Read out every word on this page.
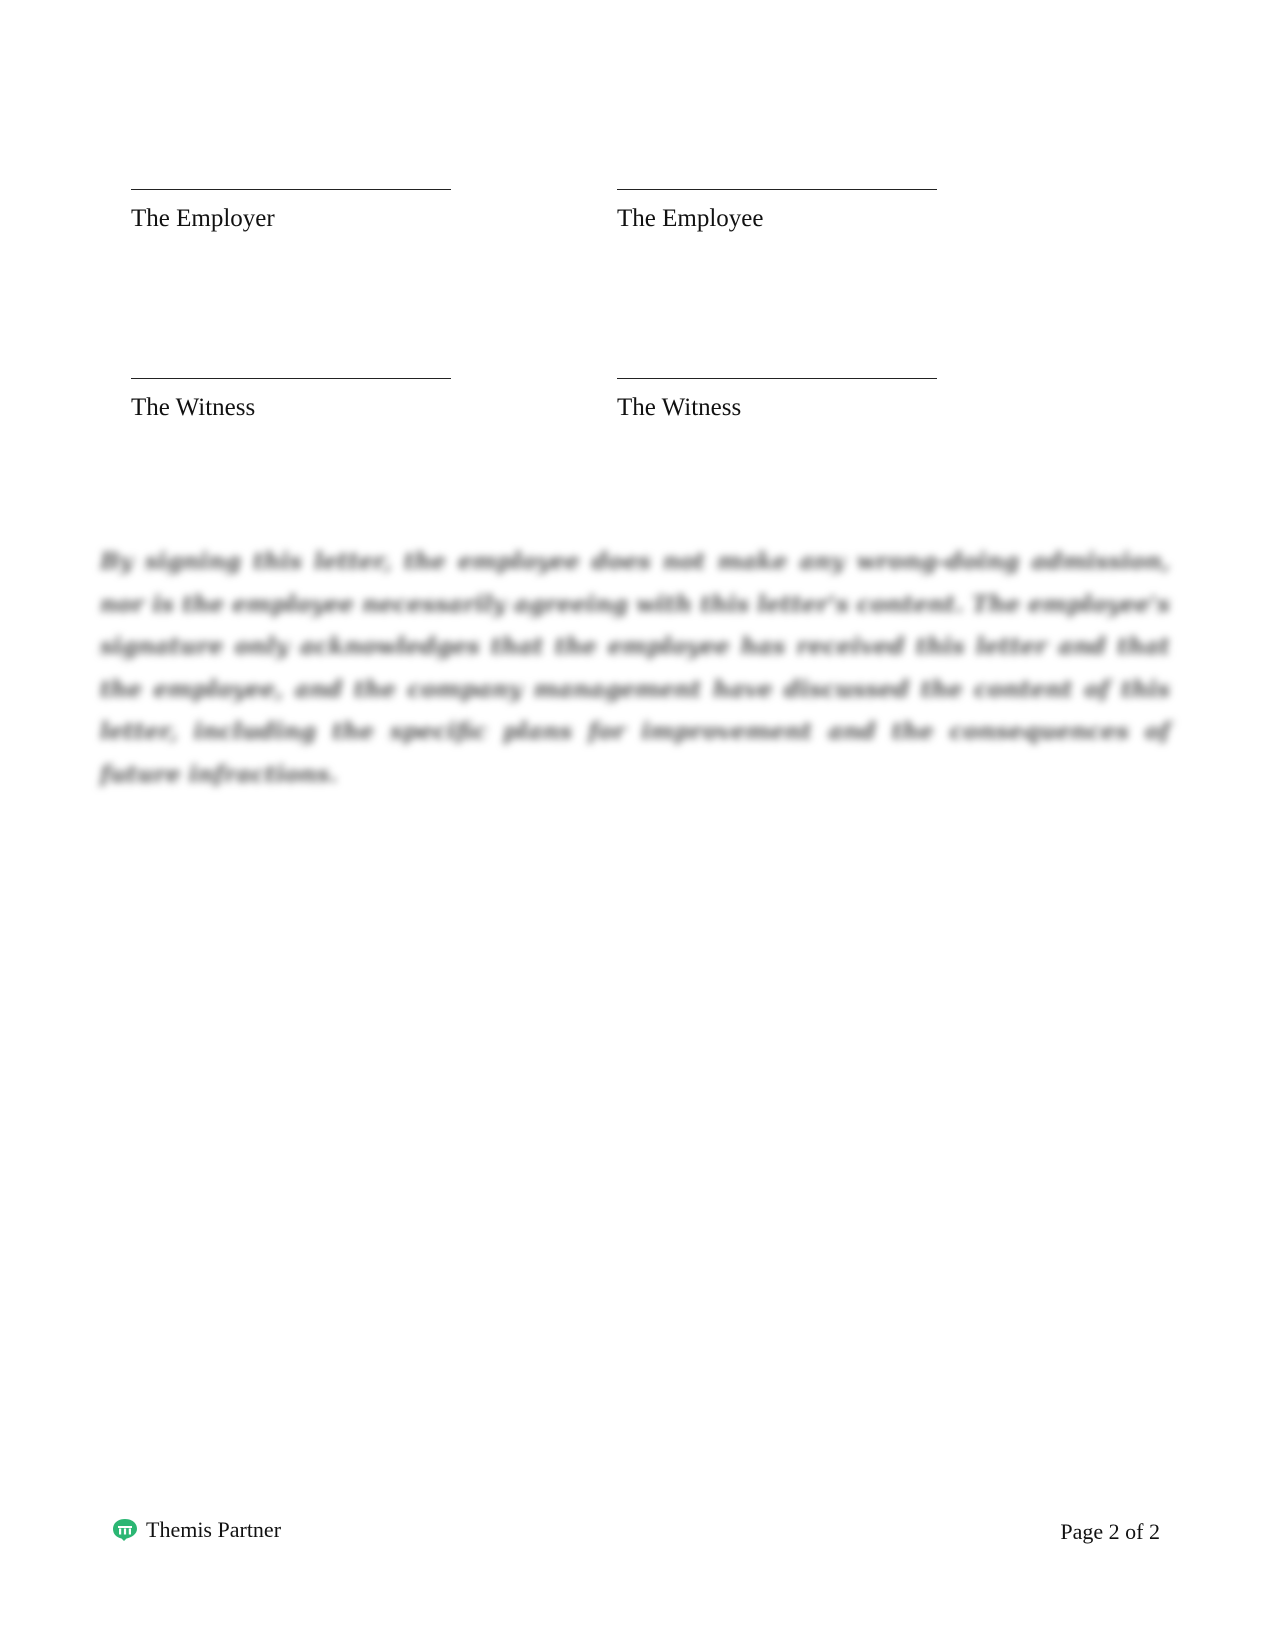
The Employer	The Employee
The Witness	The Witness

By signing this letter, the employee does not make any wrong-doing admission, nor is the employee necessarily agreeing with this letter's content. The employee's signature only acknowledges that the employee has received this letter and that the employee, and the company management have discussed the content of this letter, including the specific plans for improvement and the consequences of future infractions.

Themis Partner	Page 2 of 2
